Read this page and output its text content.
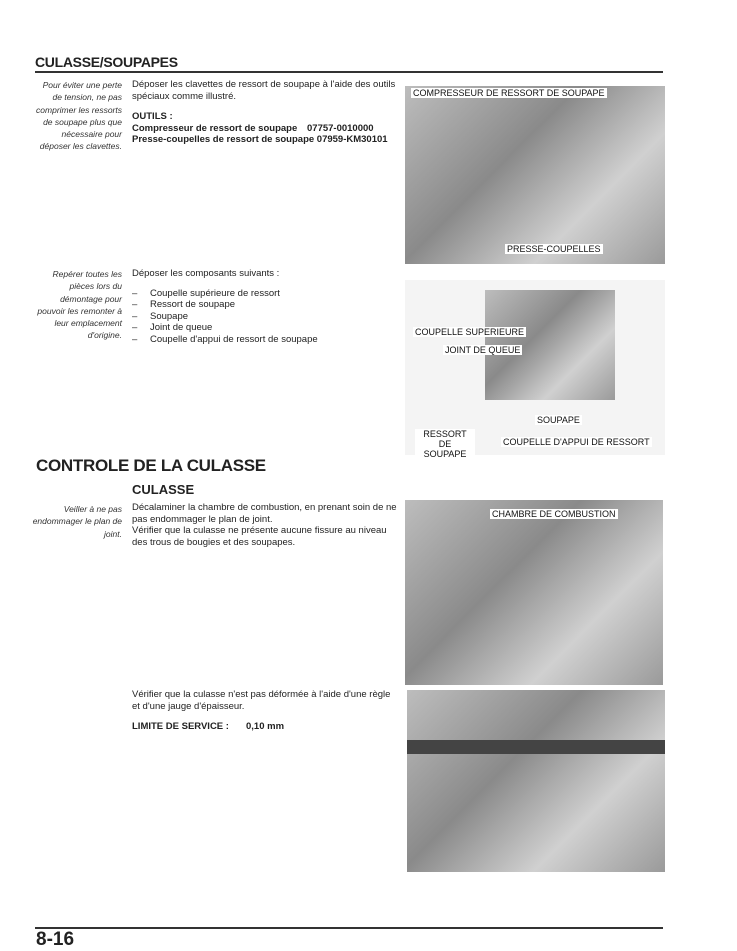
CULASSE/SOUPAPES
Pour éviter une perte de tension, ne pas comprimer les ressorts de soupape plus que nécessaire pour déposer les clavettes.

Déposer les clavettes de ressort de soupape à l'aide des outils spéciaux comme illustré.

OUTILS :

Compresseur de ressort de soupape 07757-0010000
Presse-coupelles de ressort de soupape 07959-KM30101
COMPRESSEUR DE RESSORT DE SOUPAPE
PRESSE-COUPELLES
Repérer toutes les pièces lors du démontage pour pouvoir les remonter à leur emplacement d'origine.

Déposer les composants suivants :

– Coupelle supérieure de ressort
– Ressort de soupape
– Soupape
– Joint de queue
– Coupelle d'appui de ressort de soupape
COUPELLE SUPERIEURE
JOINT DE QUEUE
SOUPAPE
RESSORT DE SOUPAPE
COUPELLE D'APPUI DE RESSORT
CONTROLE DE LA CULASSE
CULASSE
Veiller à ne pas endommager le plan de joint.

Décalaminer la chambre de combustion, en prenant soin de ne pas endommager le plan de joint.

Vérifier que la culasse ne présente aucune fissure au niveau des trous de bougies et des soupapes.

CHAMBRE DE COMBUSTION

Vérifier que la culasse n'est pas déformée à l'aide d'une règle et d'une jauge d'épaisseur.

LIMITE DE SERVICE : 0,10 mm

8-16
